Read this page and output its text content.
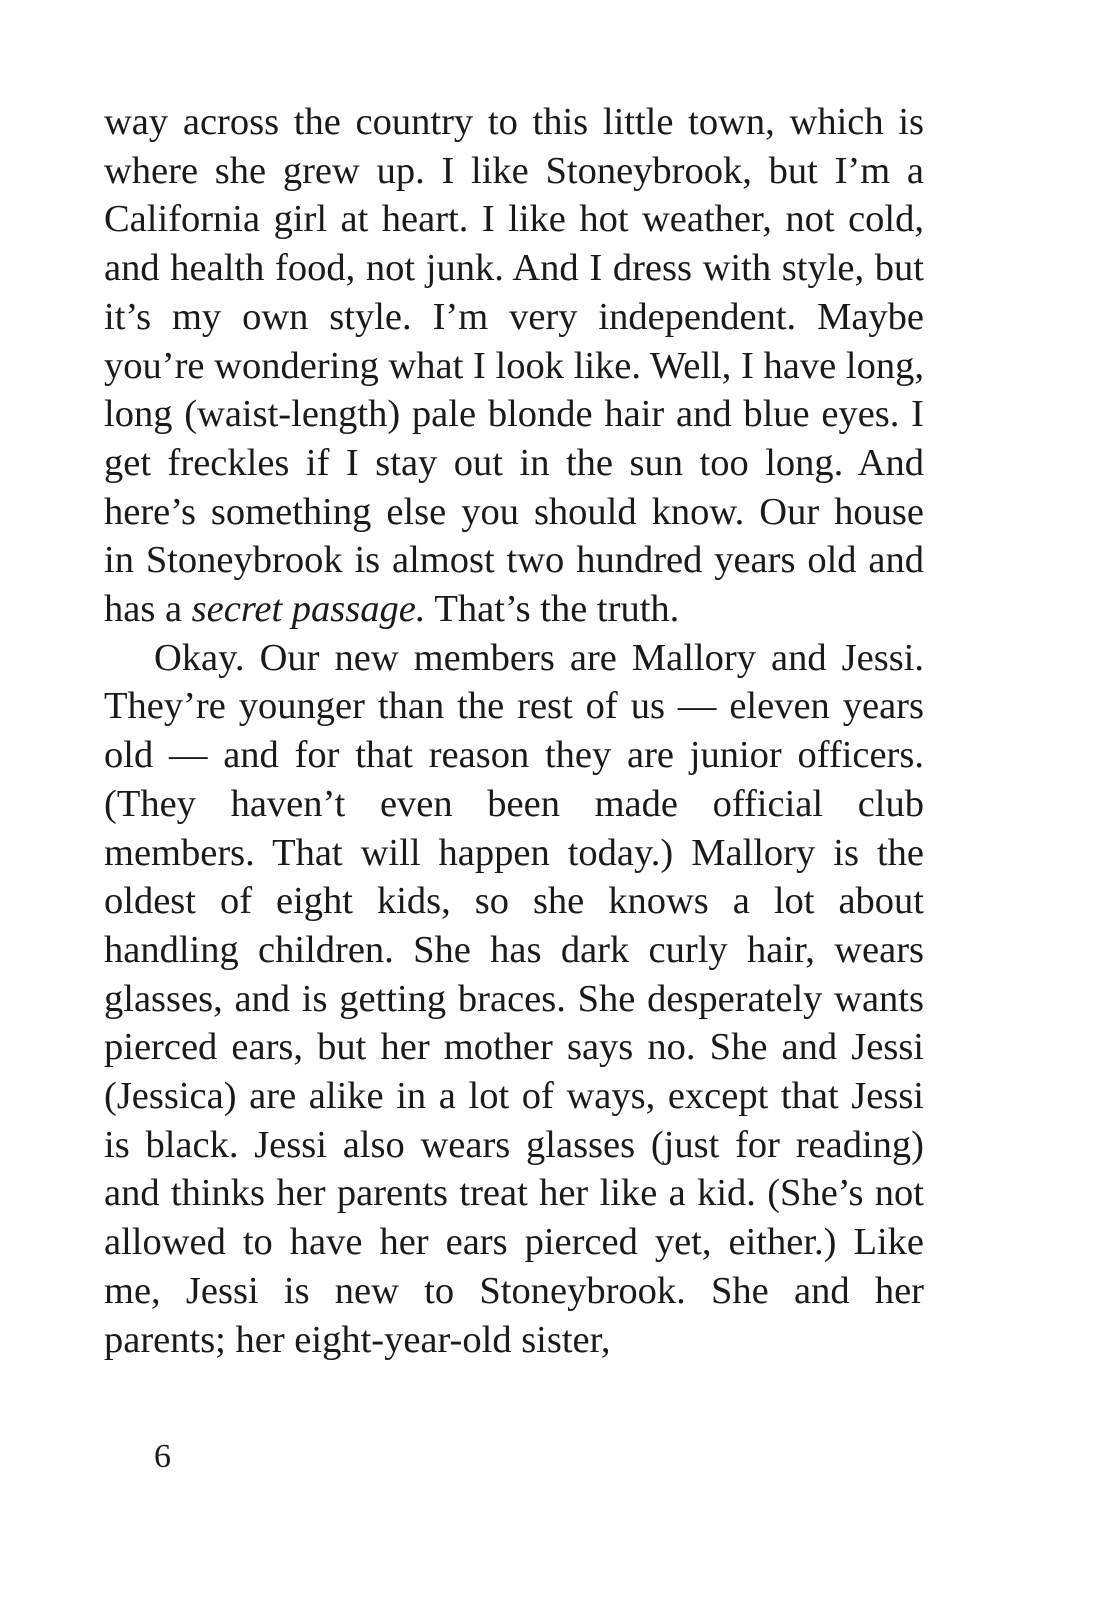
way across the country to this little town, which is where she grew up. I like Stoneybrook, but I’m a California girl at heart. I like hot weather, not cold, and health food, not junk. And I dress with style, but it’s my own style. I’m very independent. Maybe you’re wondering what I look like. Well, I have long, long (waist-length) pale blonde hair and blue eyes. I get freckles if I stay out in the sun too long. And here’s something else you should know. Our house in Stoneybrook is almost two hundred years old and has a secret passage. That’s the truth.

Okay. Our new members are Mallory and Jessi. They’re younger than the rest of us — eleven years old — and for that reason they are junior officers. (They haven’t even been made official club members. That will happen today.) Mallory is the oldest of eight kids, so she knows a lot about handling children. She has dark curly hair, wears glasses, and is getting braces. She desperately wants pierced ears, but her mother says no. She and Jessi (Jessica) are alike in a lot of ways, except that Jessi is black. Jessi also wears glasses (just for reading) and thinks her parents treat her like a kid. (She’s not allowed to have her ears pierced yet, either.) Like me, Jessi is new to Stoneybrook. She and her parents; her eight-year-old sister,

6
